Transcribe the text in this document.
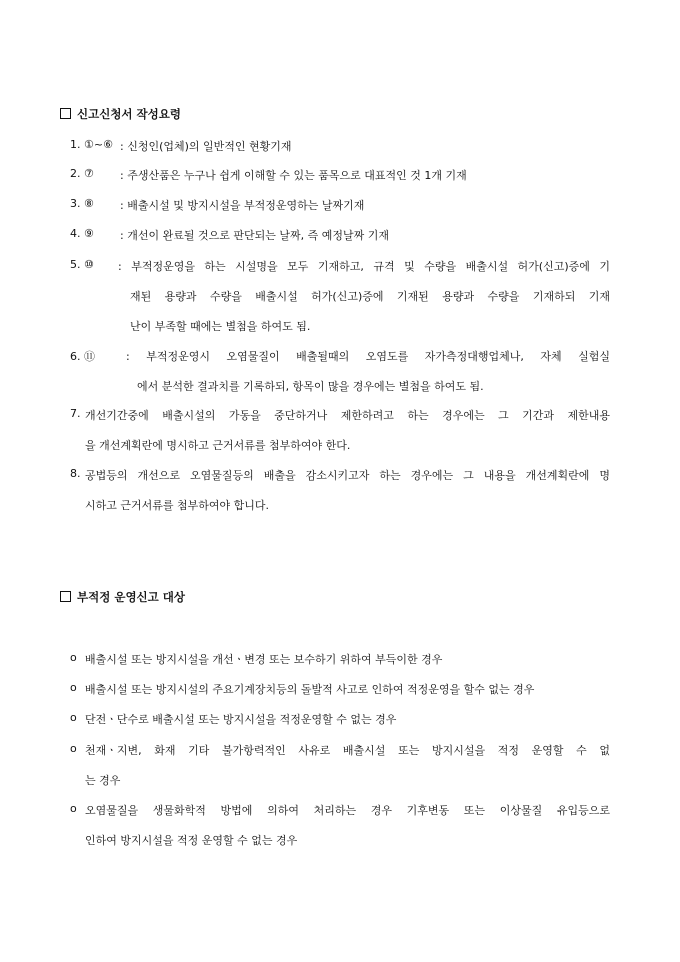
신고신청서 작성요령
1. ①~⑥ : 신청인(업체)의 일반적인 현황기재
2. ⑦ : 주생산품은 누구나 쉽게 이해할 수 있는 품목으로 대표적인 것 1개 기재
3. ⑧ : 배출시설 및 방지시설을 부적정운영하는 날짜기재
4. ⑨ : 개선이 완료될 것으로 판단되는 날짜, 즉 예정날짜 기재
5. ⑩ : 부적정운영을 하는 시설명을 모두 기재하고, 규격 및 수량을 배출시설 허가(신고)증에 기
재된 용량과 수량을 배출시설 허가(신고)증에 기재된 용량과 수량을 기재하되 기재
난이 부족할 때에는 별첨을 하여도 됨.
6. ⑪	: 부적정운영시 오염물질이 배출될때의 오염도를 자가측정대행업체나, 자체 실험실
에서 분석한 결과치를 기록하되, 항목이 많을 경우에는 별첨을 하여도 됨.
7. 개선기간중에 배출시설의 가동을 중단하거나 제한하려고 하는 경우에는 그 기간과 제한내용
을 개선계획란에 명시하고 근거서류를 첨부하여야 한다.
8. 공법등의 개선으로 오염물질등의 배출을 감소시키고자 하는 경우에는 그 내용을 개선계획란에 명
시하고 근거서류를 첨부하여야 합니다.
부적정 운영신고 대상
o 배출시설 또는 방지시설을 개선ㆍ변경 또는 보수하기 위하여 부득이한 경우
o 배출시설 또는 방지시설의 주요기계장치등의 돌발적 사고로 인하여 적정운영을 할수 없는 경우
o 단전ㆍ단수로 배출시설 또는 방지시설을 적정운영할 수 없는 경우
o 천재ㆍ지변, 화재 기타 불가항력적인 사유로 배출시설 또는 방지시설을 적정 운영할 수 없
는 경우
o 오염물질을 생물화학적 방법에 의하여 처리하는 경우 기후변동 또는 이상물질 유입등으로
인하여 방지시설을 적정 운영할 수 없는 경우
